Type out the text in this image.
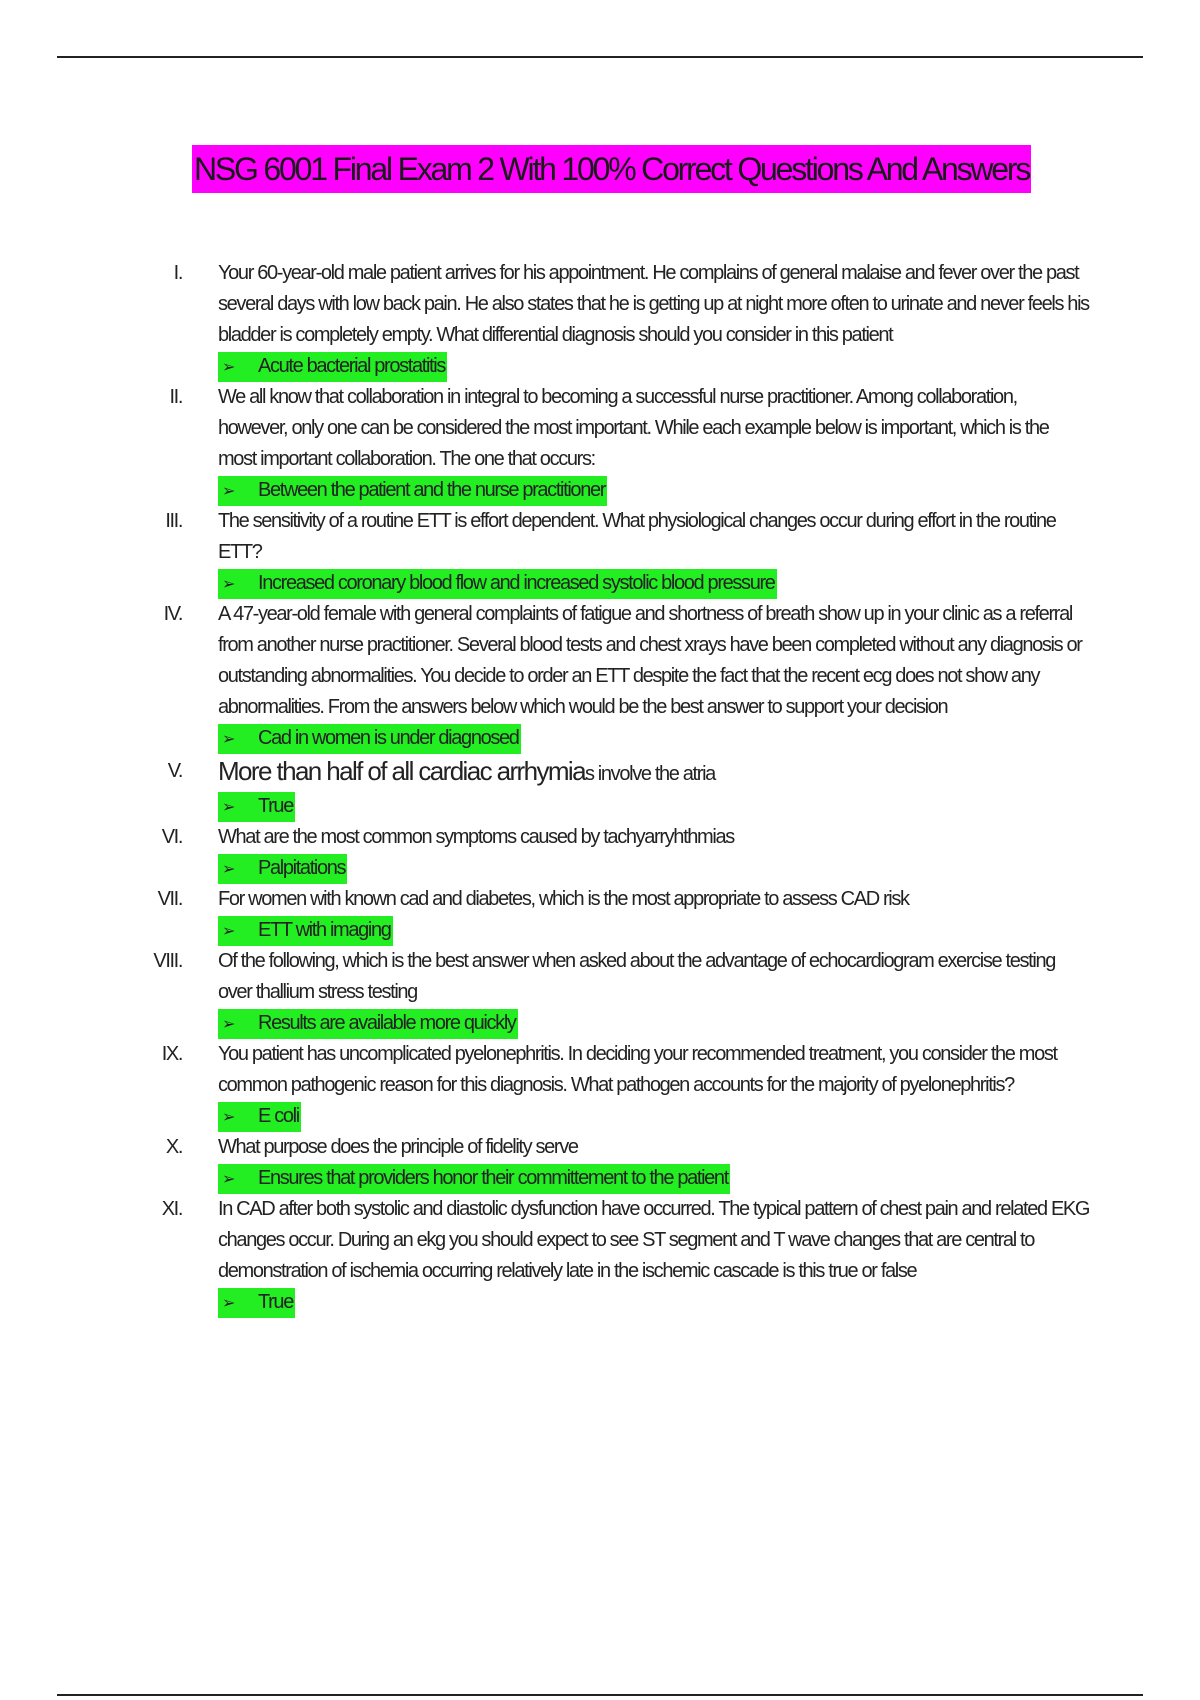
NSG 6001 Final Exam 2 With 100% Correct Questions And Answers
I. Your 60-year-old male patient arrives for his appointment. He complains of general malaise and fever over the past several days with low back pain. He also states that he is getting up at night more often to urinate and never feels his bladder is completely empty. What differential diagnosis should you consider in this patient
➢ Acute bacterial prostatitis
II. We all know that collaboration in integral to becoming a successful nurse practitioner. Among collaboration, however, only one can be considered the most important. While each example below is important, which is the most important collaboration. The one that occurs:
➢ Between the patient and the nurse practitioner
III. The sensitivity of a routine ETT is effort dependent. What physiological changes occur during effort in the routine ETT?
➢ Increased coronary blood flow and increased systolic blood pressure
IV. A 47-year-old female with general complaints of fatigue and shortness of breath show up in your clinic as a referral from another nurse practitioner. Several blood tests and chest xrays have been completed without any diagnosis or outstanding abnormalities. You decide to order an ETT despite the fact that the recent ecg does not show any abnormalities. From the answers below which would be the best answer to support your decision
➢ Cad in women is under diagnosed
V. More than half of all cardiac arrhymias involve the atria
➢ True
VI. What are the most common symptoms caused by tachyarryhthmias
➢ Palpitations
VII. For women with known cad and diabetes, which is the most appropriate to assess CAD risk
➢ ETT with imaging
VIII. Of the following, which is the best answer when asked about the advantage of echocardiogram exercise testing over thallium stress testing
➢ Results are available more quickly
IX. You patient has uncomplicated pyelonephritis. In deciding your recommended treatment, you consider the most common pathogenic reason for this diagnosis. What pathogen accounts for the majority of pyelonephritis?
➢ E coli
X. What purpose does the principle of fidelity serve
➢ Ensures that providers honor their committement to the patient
XI. In CAD after both systolic and diastolic dysfunction have occurred. The typical pattern of chest pain and related EKG changes occur. During an ekg you should expect to see ST segment and T wave changes that are central to demonstration of ischemia occurring relatively late in the ischemic cascade is this true or false
➢ True
